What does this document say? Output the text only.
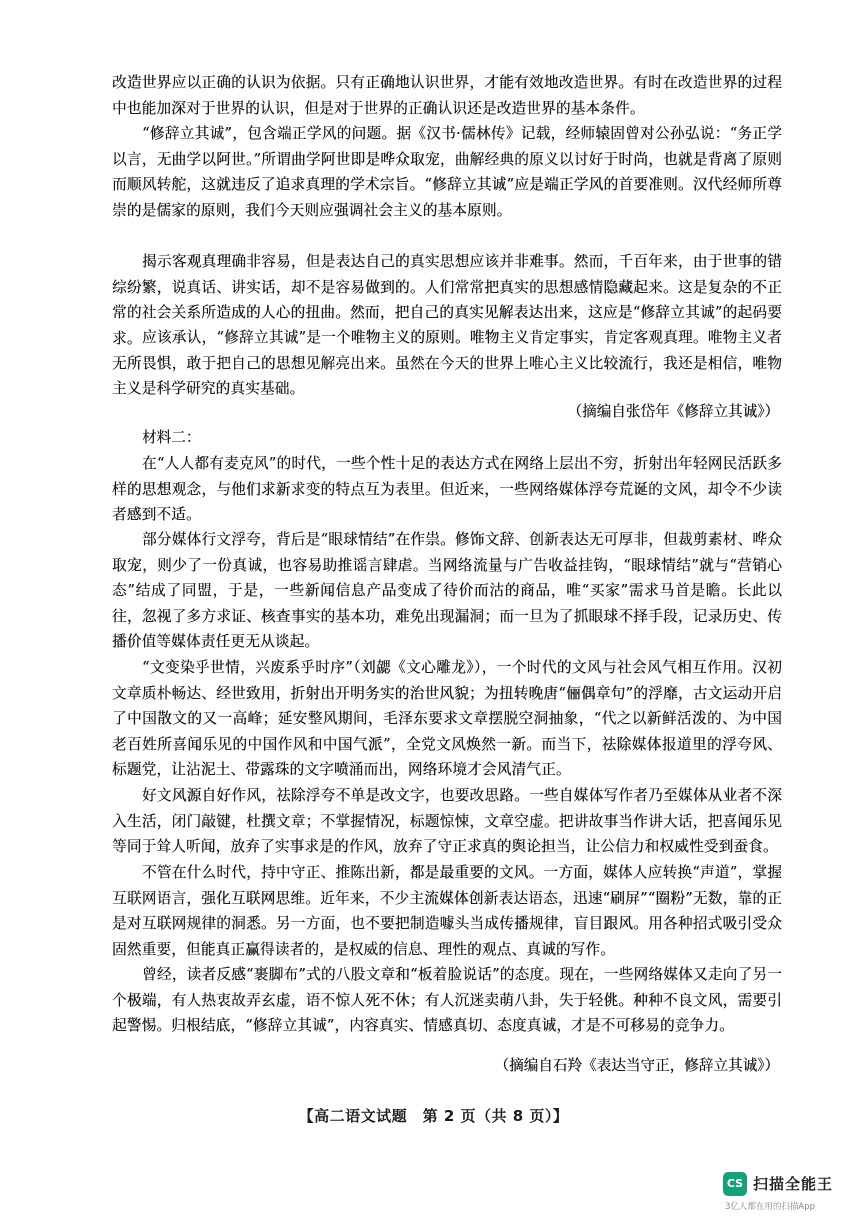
改造世界应以正确的认识为依据。只有正确地认识世界，才能有效地改造世界。有时在改造世界的过程中也能加深对于世界的认识，但是对于世界的正确认识还是改造世界的基本条件。

“修辞立其诚”，包含端正学风的问题。据《汉书·儒林传》记载，经师辕固曾对公孙弘说：“务正学以言，无曲学以阿世。”所谓曲学阿世即是哗众取宠，曲解经典的原义以讨好于时尚，也就是背离了原则而顺风转舵，这就违反了追求真理的学术宗旨。“修辞立其诚”应是端正学风的首要准则。汉代经师所尊崇的是儒家的原则，我们今天则应强调社会主义的基本原则。

揭示客观真理确非容易，但是表达自己的真实思想应该并非难事。然而，千百年来，由于世事的错综纷繁，说真话、讲实话，却不是容易做到的。人们常常把真实的思想感情隐藏起来。这是复杂的不正常的社会关系所造成的人心的扭曲。然而，把自己的真实见解表达出来，这应是“修辞立其诚”的起码要求。 应该承认，“修辞立其诚”是一个唯物主义的原则。唯物主义肯定事实，肯定客观真理。唯物主义者无所畏惧，敢于把自己的思想见解亮出来。虽然在今天的世界上唯心主义比较流行，我还是相信，唯物主义是科学研究的真实基础。

（摘编自张岱年《修辞立其诚》）

材料二：

在“人人都有麦克风”的时代，一些个性十足的表达方式在网络上层出不穷，折射出年轻网民活跃多样的思想观念，与他们求新求变的特点互为表里。但近来，一些网络媒体浮夸荒诞的文风，却令不少读者感到不适。

部分媒体行文浮夸，背后是“眼球情结”在作祟。修饰文辞、创新表达无可厚非，但裁剪素材、哗众取宠，则少了一份真诚，也容易助推谣言肆虐。当网络流量与广告收益挂钩，“眼球情结”就与“营销心态”结成了同盟，于是，一些新闻信息产品变成了待价而沽的商品，唯“买家”需求马首是瞻。长此以往，忽视了多方求证、核查事实的基本功，难免出现漏洞；而一旦为了抓眼球不择手段，记录历史、传播价值等媒体责任更无从谈起。

“文变染乎世情，兴废系乎时序”（刘勰《文心雕龙》），一个时代的文风与社会风气相互作用。汉初文章质朴畅达、经世致用，折射出开明务实的治世风貌；为扭转晚唐“俪偶章句”的浮靡，古文运动开启了中国散文的又一高峰；延安整风期间，毛泽东要求文章摆脱空洞抽象，“代之以新鲜活泼的、为中国老百姓所喜闻乐见的中国作风和中国气派”，全党文风焕然一新。而当下，祛除媒体报道里的浮夸风、标题党，让沾泥土、带露珠的文字喷涌而出，网络环境才会风清气正。

好文风源自好作风，祛除浮夸不单是改文字，也要改思路。一些自媒体写作者乃至媒体从业者不深入生活，闭门敲键，杜撰文章；不掌握情况，标题惊悚，文章空虚。把讲故事当作讲大话，把喜闻乐见等同于耸人听闻，放弃了实事求是的作风，放弃了守正求真的舆论担当，让公信力和权威性受到蚕食。

不管在什么时代，持中守正、推陈出新，都是最重要的文风。一方面，媒体人应转换“声道”，掌握互联网语言，强化互联网思维。近年来，不少主流媒体创新表达语态，迅速“刷屏”“圈粉”无数，靠的正是对互联网规律的洞悉。另一方面，也不要把制造噱头当成传播规律，盲目跟风。用各种招式吸引受众固然重要，但能真正赢得读者的，是权威的信息、理性的观点、真诚的写作。

曾经，读者反感“裹脚布”式的八股文章和“板着脸说话”的态度。现在，一些网络媒体又走向了另一个极端，有人热衷故弄玄虚，语不惊人死不休；有人沉迷卖萌八卦，失于轻佻。种种不良文风，需要引起警惕。归根结底，“修辞立其诚”，内容真实、情感真切、态度真诚，才是不可移易的竞争力。

（摘编自石羚《表达当守正，修辞立其诚》）

【高二语文试题　第 2 页（共 8 页）】
CS 扫描全能王
3亿人都在用的扫描App
